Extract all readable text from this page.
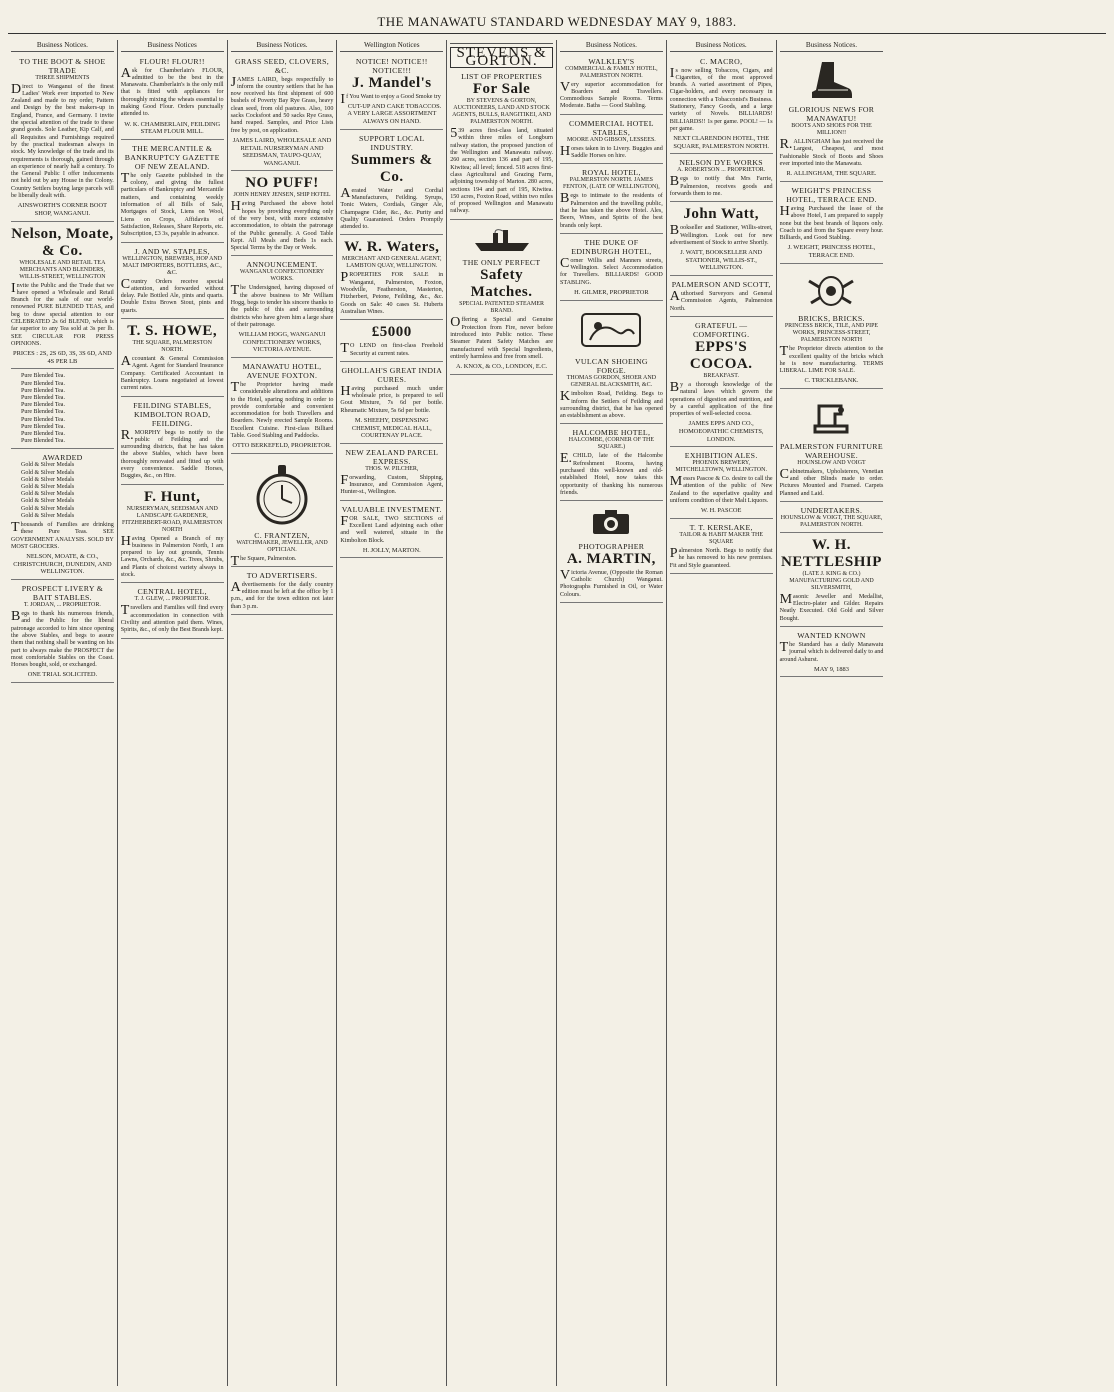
THE MANAWATU STANDARD WEDNESDAY MAY 9, 1883.
Business Notices.
TO THE BOOT & SHOE TRADE
THREE SHIPMENTS
Direct to Wanganui of the finest Ladies' Work ever imported to New Zealand and made to my order, Pattern and Design by the best makers-up in England, France, and Germany. I invite the special attention of the trade to these grand goods. Sole Leather, Kip Calf, and all Requisites and Furnishings required by the practical tradesman always in stock. My knowledge of the trade and its requirements is thorough, gained through an experience of nearly half a century. To the General Public I offer inducements not held out by any House in the Colony. Country Settlers buying large parcels will be liberally dealt with.
AINSWORTH'S CORNER BOOT SHOP, WANGANUI.
Nelson, Moate, & Co.
WHOLESALE AND RETAIL TEA MERCHANTS AND BLENDERS, WILLIS-STREET, WELLINGTON
Invite the Public and the Trade that we have opened a Wholesale and Retail Branch for the sale of our world-renowned PURE BLENDED TEAS, and beg to draw special attention to our CELEBRATED 2s 6d BLEND, which is far superior to any Tea sold at 3s per lb. SEE CIRCULAR FOR PRESS OPINIONS.
PRICES : 2S, 2S 6D, 3S, 3S 6D, AND 4S PER LB
Pure Blended Tea.
Pure Blended Tea.
Pure Blended Tea.
Pure Blended Tea.
Pure Blended Tea.
Pure Blended Tea.
Pure Blended Tea.
Pure Blended Tea.
Pure Blended Tea.
Pure Blended Tea.
AWARDED
Gold & Silver Medals
Gold & Silver Medals
Gold & Silver Medals
Gold & Silver Medals
Gold & Silver Medals
Gold & Silver Medals
Gold & Silver Medals
Gold & Silver Medals
Thousands of Families are drinking these Pure Teas. SEE GOVERNMENT ANALYSIS. SOLD BY MOST GROCERS.
NELSON, MOATE, & CO., CHRISTCHURCH, DUNEDIN, AND WELLINGTON.
PROSPECT LIVERY & BAIT STABLES.
T. JORDAN, ... PROPRIETOR.
Begs to thank his numerous friends, and the Public for the liberal patronage accorded to him since opening the above Stables, and begs to assure them that nothing shall be wanting on his part to always make the PROSPECT the most comfortable Stables on the Coast. Horses bought, sold, or exchanged.
ONE TRIAL SOLICITED.
Business Notices
FLOUR! FLOUR!!
Ask for Chamberlain's FLOUR, admitted to be the best in the Manawatu. Chamberlain's is the only mill that is fitted with appliances for thoroughly mixing the wheats essential to making Good Flour. Orders punctually attended to.
W. K. CHAMBERLAIN, FEILDING STEAM FLOUR MILL.
THE MERCANTILE & BANKRUPTCY GAZETTE OF NEW ZEALAND.
The only Gazette published in the colony, and giving the fullest particulars of Bankruptcy and Mercantile matters, and containing weekly information of all Bills of Sale, Mortgages of Stock, Liens on Wool, Liens on Crops, Affidavits of Satisfaction, Releases, Share Reports, etc. Subscription, £3 3s, payable in advance.
J. AND W. STAPLES,
WELLINGTON, BREWERS, HOP AND MALT IMPORTERS, BOTTLERS, &C., &C.
Country Orders receive special attention, and forwarded without delay. Pale Bottled Ale, pints and quarts. Double Extra Brown Stout, pints and quarts.
T. S. HOWE,
THE SQUARE, PALMERSTON NORTH.
Accountant & General Commission Agent. Agent for Standard Insurance Company. Certificated Accountant in Bankruptcy. Loans negotiated at lowest current rates.
FEILDING STABLES, KIMBOLTON ROAD, FEILDING.
R.MORPHY begs to notify to the public of Feilding and the surrounding districts, that he has taken the above Stables, which have been thoroughly renovated and fitted up with every convenience. Saddle Horses, Buggies, &c., on Hire.
F. Hunt,
NURSERYMAN, SEEDSMAN AND LANDSCAPE GARDENER, FITZHERBERT-ROAD, PALMERSTON NORTH
Having Opened a Branch of my business in Palmerston North, I am prepared to lay out grounds, Tennis Lawns, Orchards, &c., &c. Trees, Shrubs, and Plants of choicest variety always in stock.
CENTRAL HOTEL,
T. J. GLEW, ... PROPRIETOR.
Travellers and Families will find every accommodation in connection with Civility and attention paid them. Wines, Spirits, &c., of only the Best Brands kept.
Business Notices.
GRASS SEED, CLOVERS, &C.
JAMES LAIRD, begs respectfully to inform the country settlers that he has now received his first shipment of 600 bushels of Poverty Bay Rye Grass, heavy clean seed, from old pastures. Also, 100 sacks Cocksfoot and 50 sacks Rye Grass, hand reaped. Samples, and Price Lists free by post, on application.
JAMES LAIRD, WHOLESALE AND RETAIL NURSERYMAN AND SEEDSMAN, TAUPO-QUAY, WANGANUI.
NO PUFF!
JOHN HENRY JENSEN, SHIP HOTEL
Having Purchased the above hotel hopes by providing everything only of the very best, with more extensive accommodation, to obtain the patronage of the Public generally. A Good Table Kept. All Meals and Beds 1s each. Special Terms by the Day or Week.
ANNOUNCEMENT.
WANGANUI CONFECTIONERY WORKS.
The Undersigned, having disposed of the above business to Mr William Hogg, begs to tender his sincere thanks to the public of this and surrounding districts who have given him a large share of their patronage.
WILLIAM HOGG, WANGANUI CONFECTIONERY WORKS, VICTORIA AVENUE.
MANAWATU HOTEL, AVENUE FOXTON.
The Proprietor having made considerable alterations and additions to the Hotel, sparing nothing in order to provide comfortable and convenient accommodation for both Travellers and Boarders. Newly erected Sample Rooms. Excellent Cuisine. First-class Billiard Table. Good Stabling and Paddocks.
OTTO BERKEFELD, PROPRIETOR.
C. FRANTZEN,
WATCHMAKER, JEWELLER, AND OPTICIAN.
The Square, Palmerston.
TO ADVERTISERS.
Advertisements for the daily country edition must be left at the office by 1 p.m., and for the town edition not later than 3 p.m.
Wellington Notices
NOTICE! NOTICE!! NOTICE!!!
J. Mandel's
If You Want to enjoy a Good Smoke try
CUT-UP AND CAKE TOBACCOS. A VERY LARGE ASSORTMENT ALWAYS ON HAND.
SUPPORT LOCAL INDUSTRY.
Summers & Co.
Aerated Water and Cordial Manufacturers, Feilding. Syrups, Tonic Waters, Cordials, Ginger Ale, Champagne Cider, &c., &c. Purity and Quality Guaranteed. Orders Promptly attended to.
W. R. Waters,
MERCHANT AND GENERAL AGENT, LAMBTON QUAY, WELLINGTON.
PROPERTIES FOR SALE in Wanganui, Palmerston, Foxton, Woodville, Featherston, Masterton, Fitzherbert, Petone, Feilding, &c., &c. Goods on Sale: 40 cases St. Huberts Australian Wines.
£5000
TO LEND on first-class Freehold Security at current rates.
GHOLLAH'S GREAT INDIA CURES.
Having purchased much under wholesale price, is prepared to sell Gout Mixture, 7s 6d per bottle. Rheumatic Mixture, 5s 6d per bottle.
M. SHEEHY, DISPENSING CHEMIST, MEDICAL HALL, COURTENAY PLACE.
NEW ZEALAND PARCEL EXPRESS.
THOS. W. PILCHER,
Forwarding, Custom, Shipping, Insurance, and Commission Agent, Hunter-st., Wellington.
VALUABLE INVESTMENT.
FOR SALE, TWO SECTIONS of Excellent Land adjoining each other and well watered, situate in the Kimbolton Block.
H. JOLLY, MARTON.
STEVENS & GORTON.
LIST OF PROPERTIES
For Sale
BY STEVENS & GORTON, AUCTIONEERS, LAND AND STOCK AGENTS, BULLS, RANGITIKEI, AND PALMERSTON NORTH.
539 acres first-class land, situated within three miles of Longburn railway station, the proposed junction of the Wellington and Manawatu railway. 260 acres, section 136 and part of 195, Kiwitea; all level; fenced. 518 acres first-class Agricultural and Grazing Farm, adjoining township of Marton. 280 acres, sections 194 and part of 195, Kiwitea. 150 acres, Foxton Road, within two miles of proposed Wellington and Manawatu railway.
THE ONLY PERFECT
Safety Matches.
SPECIAL PATENTED STEAMER BRAND.
Offering a Special and Genuine Protection from Fire, never before introduced into Public notice. These Steamer Patent Safety Matches are manufactured with Special Ingredients, entirely harmless and free from smell.
A. KNOX, & CO., LONDON, E.C.
Business Notices.
WALKLEY'S
COMMERCIAL & FAMILY HOTEL, PALMERSTON NORTH.
Very superior accommodation for Boarders and Travellers. Commodious Sample Rooms. Terms Moderate. Baths — Good Stabling.
COMMERCIAL HOTEL STABLES,
MOORE AND GIBSON, LESSEES.
Horses taken in to Livery. Buggies and Saddle Horses on hire.
ROYAL HOTEL,
PALMERSTON NORTH. JAMES FENTON, (LATE OF WELLINGTON),
Begs to intimate to the residents of Palmerston and the travelling public, that he has taken the above Hotel. Ales, Beers, Wines, and Spirits of the best brands only kept.
THE DUKE OF EDINBURGH HOTEL,
Corner Willis and Manners streets, Wellington. Select Accommodation for Travellers. BILLIARDS! GOOD STABLING.
H. GILMER, PROPRIETOR
VULCAN SHOEING FORGE.
THOMAS GORDON, SHOER AND GENERAL BLACKSMITH, &C.
Kimbolton Road, Feilding. Begs to inform the Settlers of Feilding and surrounding district, that he has opened an establishment as above.
HALCOMBE HOTEL,
HALCOMBE, (CORNER OF THE SQUARE.)
E.CHILD, late of the Halcombe Refreshment Rooms, having purchased this well-known and old-established Hotel, now takes this opportunity of thanking his numerous friends.
PHOTOGRAPHER
A. MARTIN,
Victoria Avenue, (Opposite the Roman Catholic Church) Wanganui. Photographs Furnished in Oil, or Water Colours.
Business Notices.
C. MACRO,
Is now selling Tobaccos, Cigars, and Cigarettes, of the most approved brands. A varied assortment of Pipes, Cigar-holders, and every necessary in connection with a Tobacconist's Business. Stationery, Fancy Goods, and a large variety of Novels. BILLIARDS! BILLIARDS!! 1s per game. POOL! — 1s per game.
NEXT CLARENDON HOTEL, THE SQUARE, PALMERSTON NORTH.
NELSON DYE WORKS
A. ROBERTSON ... PROPRIETOR.
Begs to notify that Mrs Farrie, Palmerston, receives goods and forwards them to me.
John Watt,
Bookseller and Stationer, Willis-street, Wellington. Look out for new advertisement of Stock to arrive Shortly.
J. WATT, BOOKSELLER AND STATIONER, WILLIS-ST., WELLINGTON.
PALMERSON AND SCOTT,
Authorised Surveyors and General Commission Agents, Palmerston North.
GRATEFUL — COMFORTING.
EPPS'S COCOA.
BREAKFAST.
By a thorough knowledge of the natural laws which govern the operations of digestion and nutrition, and by a careful application of the fine properties of well-selected cocoa.
JAMES EPPS AND CO., HOMOEOPATHIC CHEMISTS, LONDON.
EXHIBITION ALES.
PHOENIX BREWERY, MITCHELLTOWN, WELLINGTON.
Messrs Pascoe & Co. desire to call the attention of the public of New Zealand to the superlative quality and uniform condition of their Malt Liquors.
W. H. PASCOE
T. T. KERSLAKE,
TAILOR & HABIT MAKER THE SQUARE
Palmerston North. Begs to notify that he has removed to his new premises. Fit and Style guaranteed.
Business Notices.
GLORIOUS NEWS FOR MANAWATU!
BOOTS AND SHOES FOR THE MILLION!!
R.ALLINGHAM has just received the Largest, Cheapest, and most Fashionable Stock of Boots and Shoes ever imported into the Manawatu.
R. ALLINGHAM, THE SQUARE.
WEIGHT'S PRINCESS HOTEL, TERRACE END.
Having Purchased the lease of the above Hotel, I am prepared to supply none but the best brands of liquors only. Coach to and from the Square every hour. Billiards, and Good Stabling.
J. WEIGHT, PRINCESS HOTEL, TERRACE END.
BRICKS, BRICKS.
PRINCESS BRICK, TILE, AND PIPE WORKS, PRINCESS-STREET, PALMERSTON NORTH
The Proprietor directs attention to the excellent quality of the bricks which he is now manufacturing. TERMS LIBERAL. LIME FOR SALE.
C. TRICKLEBANK.
PALMERSTON FURNITURE WAREHOUSE.
HOUNSLOW AND VOIGT
Cabinetmakers, Upholsterers, Venetian and other Blinds made to order. Pictures Mounted and Framed. Carpets Planned and Laid.
UNDERTAKERS.
HOUNSLOW & VOIGT, THE SQUARE, PALMERSTON NORTH.
W. H. NETTLESHIP
(LATE J. KING & CO.) MANUFACTURING GOLD AND SILVERSMITH,
Masonic Jeweller and Medallist, Electro-plater and Gilder. Repairs Neatly Executed. Old Gold and Silver Bought.
WANTED KNOWN
The Standard has a daily Manawatu journal which is delivered daily to and around Ashurst.
MAY 9, 1883
